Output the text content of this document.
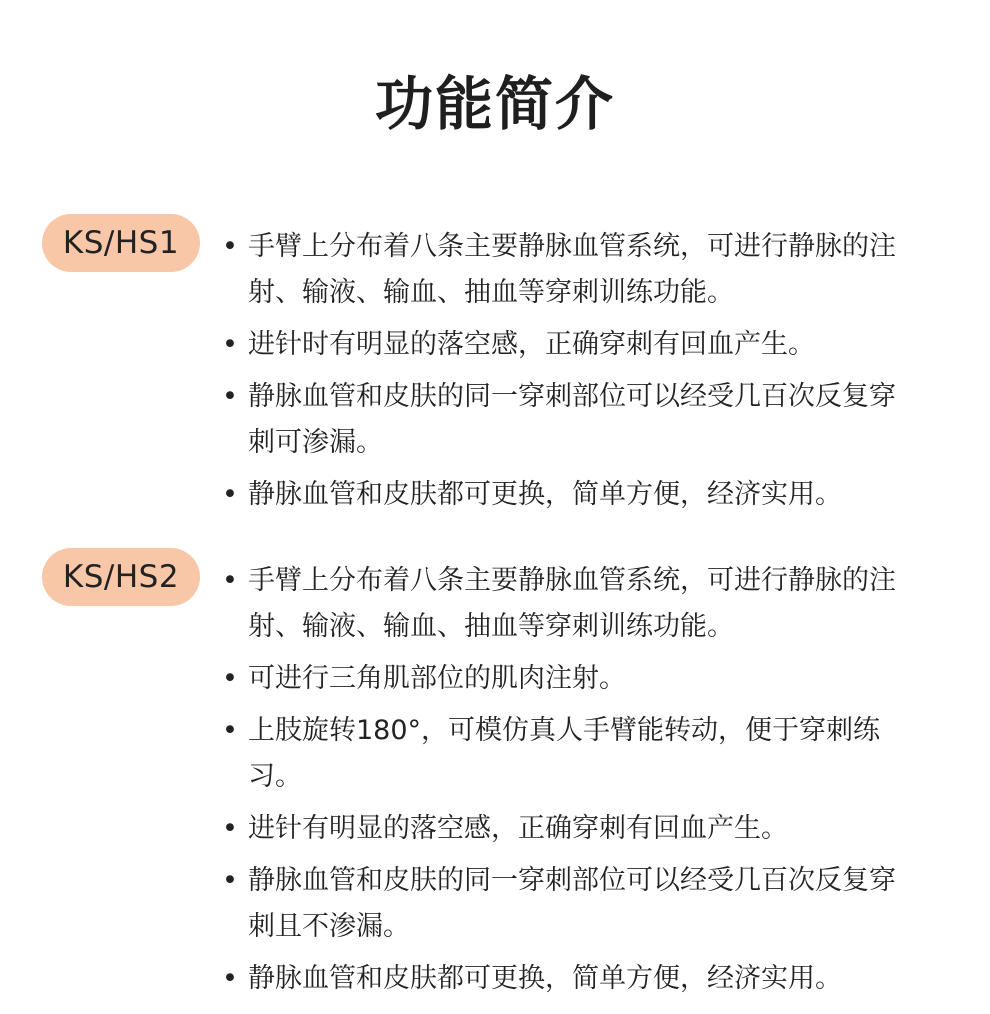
功能简介
KS/HS1	• 手臂上分布着八条主要静脉血管系统，可进行静脉的注射、输液、输血、抽血等穿刺训练功能。
• 进针时有明显的落空感，正确穿刺有回血产生。
• 静脉血管和皮肤的同一穿刺部位可以经受几百次反复穿刺可渗漏。
• 静脉血管和皮肤都可更换，简单方便，经济实用。
KS/HS2	• 手臂上分布着八条主要静脉血管系统，可进行静脉的注射、输液、输血、抽血等穿刺训练功能。
• 可进行三角肌部位的肌肉注射。
• 上肢旋转180°，可模仿真人手臂能转动，便于穿刺练习。
• 进针有明显的落空感，正确穿刺有回血产生。
• 静脉血管和皮肤的同一穿刺部位可以经受几百次反复穿刺且不渗漏。
• 静脉血管和皮肤都可更换，简单方便，经济实用。
